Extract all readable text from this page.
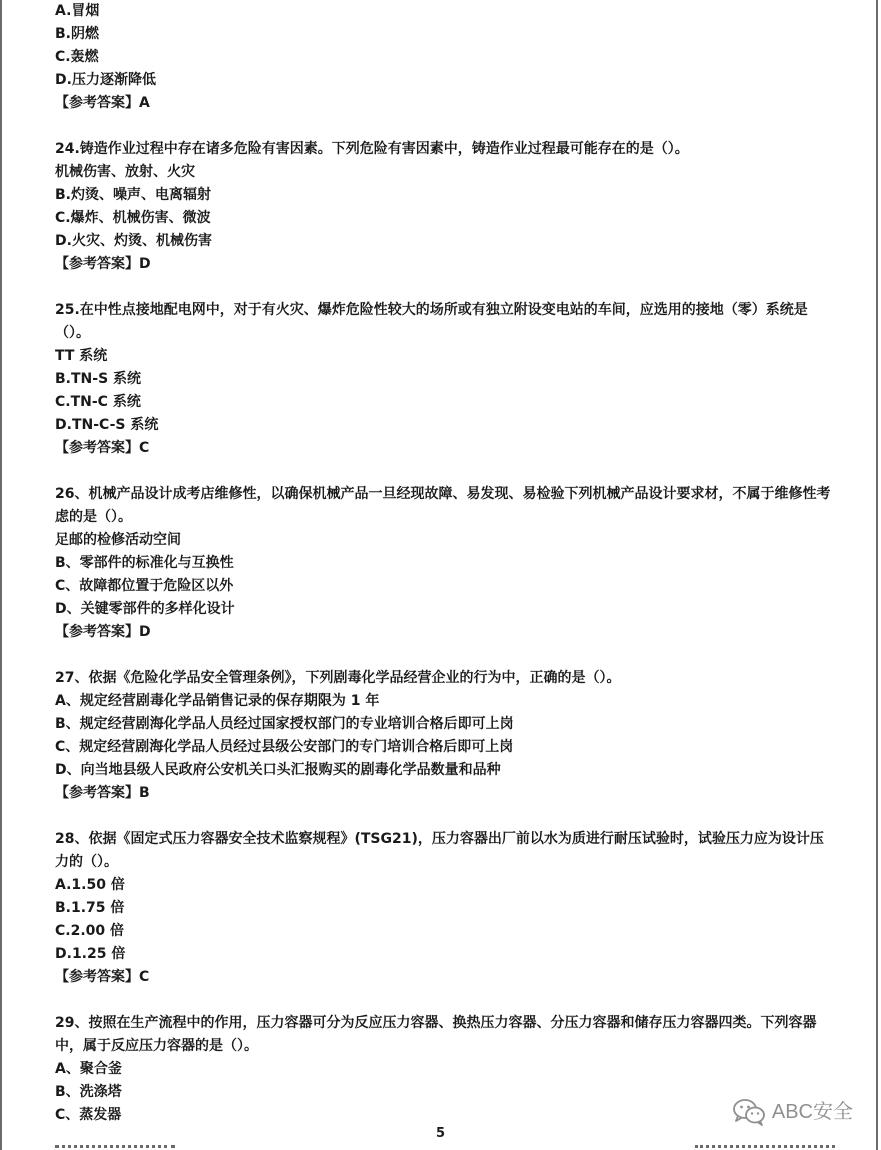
A.冒烟
B.阴燃
C.轰燃
D.压力逐渐降低
【参考答案】A
24.铸造作业过程中存在诸多危险有害因素。下列危险有害因素中，铸造作业过程最可能存在的是（）。
机械伤害、放射、火灾
B.灼烫、噪声、电离辐射
C.爆炸、机械伤害、微波
D.火灾、灼烫、机械伤害
【参考答案】D
25.在中性点接地配电网中，对于有火灾、爆炸危险性较大的场所或有独立附设变电站的车间，应选用的接地（零）系统是（）。
TT 系统
B.TN-S 系统
C.TN-C 系统
D.TN-C-S 系统
【参考答案】C
26、机械产品设计成考店维修性，以确保机械产品一旦经现故障、易发现、易检验下列机械产品设计要求材，不属于维修性考虑的是（）。
足邮的检修活动空间
B、零部件的标准化与互换性
C、故障都位置于危险区以外
D、关键零部件的多样化设计
【参考答案】D
27、依据《危险化学品安全管理条例》，下列剧毒化学品经营企业的行为中，正确的是（）。
A、规定经营剧毒化学品销售记录的保存期限为 1 年
B、规定经营剧海化学品人员经过国家授权部门的专业培训合格后即可上岗
C、规定经营剧海化学品人员经过县级公安部门的专门培训合格后即可上岗
D、向当地县级人民政府公安机关口头汇报购买的剧毒化学品数量和品种
【参考答案】B
28、依据《固定式压力容器安全技术监察规程》(TSG21)，压力容器出厂前以水为质进行耐压试验时，试验压力应为设计压力的（）。
A.1.50 倍
B.1.75 倍
C.2.00 倍
D.1.25 倍
【参考答案】C
29、按照在生产流程中的作用，压力容器可分为反应压力容器、换热压力容器、分压力容器和储存压力容器四类。下列容器中，属于反应压力容器的是（）。
A、聚合釜
B、洗涤塔
C、蒸发器
5
ABC安全
